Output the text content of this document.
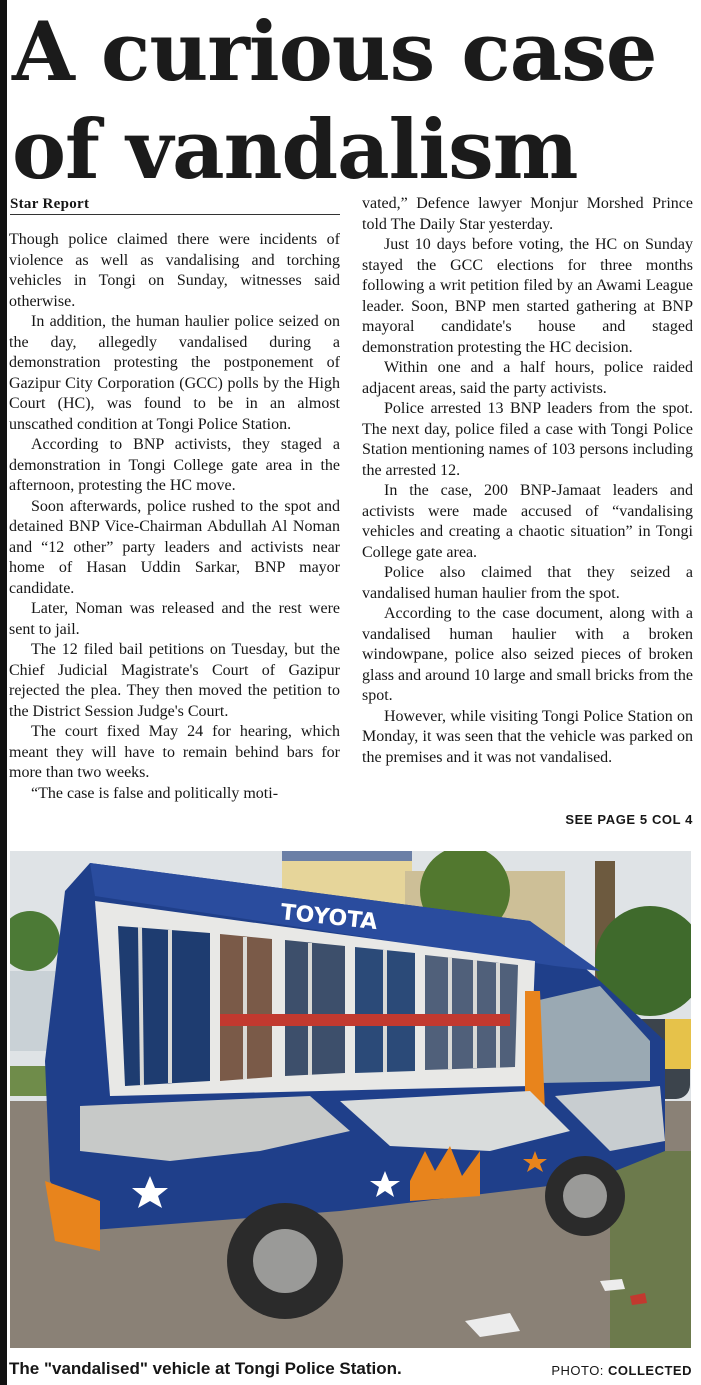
A curious case
of vandalism
Star Report

Though police claimed there were incidents of violence as well as vandalising and torching vehicles in Tongi on Sunday, witnesses said otherwise.

In addition, the human haulier police seized on the day, allegedly vandalised during a demonstration protesting the postponement of Gazipur City Corporation (GCC) polls by the High Court (HC), was found to be in an almost unscathed condition at Tongi Police Station.

According to BNP activists, they staged a demonstration in Tongi College gate area in the afternoon, protesting the HC move.

Soon afterwards, police rushed to the spot and detained BNP Vice-Chairman Abdullah Al Noman and “12 other” party leaders and activists near home of Hasan Uddin Sarkar, BNP mayor candidate.

Later, Noman was released and the rest were sent to jail.

The 12 filed bail petitions on Tuesday, but the Chief Judicial Magistrate's Court of Gazipur rejected the plea. They then moved the petition to the District Session Judge's Court.

The court fixed May 24 for hearing, which meant they will have to remain behind bars for more than two weeks.

“The case is false and politically moti-

vated,” Defence lawyer Monjur Morshed Prince told The Daily Star yesterday.

Just 10 days before voting, the HC on Sunday stayed the GCC elections for three months following a writ petition filed by an Awami League leader. Soon, BNP men started gathering at BNP mayoral candidate's house and staged demonstration protesting the HC decision.

Within one and a half hours, police raided adjacent areas, said the party activists.

Police arrested 13 BNP leaders from the spot. The next day, police filed a case with Tongi Police Station mentioning names of 103 persons including the arrested 12.

In the case, 200 BNP-Jamaat leaders and activists were made accused of “vandalising vehicles and creating a chaotic situation” in Tongi College gate area.

Police also claimed that they seized a vandalised human haulier from the spot.

According to the case document, along with a vandalised human haulier with a broken windowpane, police also seized pieces of broken glass and around 10 large and small bricks from the spot.

However, while visiting Tongi Police Station on Monday, it was seen that the vehicle was parked on the premises and it was not vandalised.

SEE PAGE 5 COL 4
TOYOTA
The "vandalised" vehicle at Tongi Police Station.	PHOTO: COLLECTED
